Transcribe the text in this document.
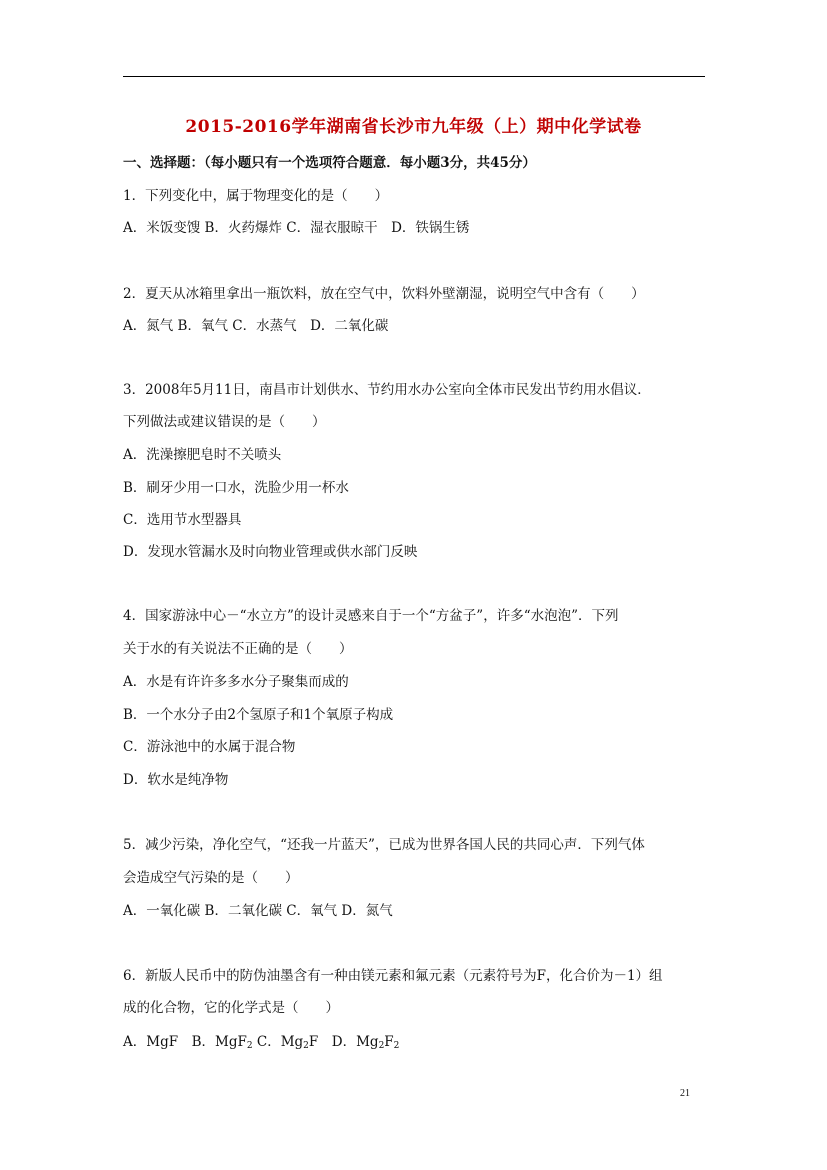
2015-2016学年湖南省长沙市九年级（上）期中化学试卷
一、选择题：（每小题只有一个选项符合题意．每小题3分，共45分）
1．下列变化中，属于物理变化的是（　　）
A．米饭变馊 B．火药爆炸 C．湿衣服晾干　D．铁锅生锈
2．夏天从冰箱里拿出一瓶饮料，放在空气中，饮料外壁潮湿，说明空气中含有（　　）
A．氮气 B．氧气 C．水蒸气　D．二氧化碳
3．2008年5月11日，南昌市计划供水、节约用水办公室向全体市民发出节约用水倡议．
下列做法或建议错误的是（　　）
A．洗澡擦肥皂时不关喷头
B．刷牙少用一口水，洗脸少用一杯水
C．选用节水型器具
D．发现水管漏水及时向物业管理或供水部门反映
4．国家游泳中心－“水立方”的设计灵感来自于一个“方盆子”，许多“水泡泡”．下列
关于水的有关说法不正确的是（　　）
A．水是有许许多多水分子聚集而成的
B．一个水分子由2个氢原子和1个氧原子构成
C．游泳池中的水属于混合物
D．软水是纯净物
5．减少污染，净化空气，“还我一片蓝天”，已成为世界各国人民的共同心声．下列气体
会造成空气污染的是（　　）
A．一氧化碳 B．二氧化碳 C．氧气 D．氮气
6．新版人民币中的防伪油墨含有一种由镁元素和氟元素（元素符号为F，化合价为－1）组
成的化合物，它的化学式是（　　）
A．MgF　B．MgF$_2$ C．$Mg_2F$　D．$Mg_2F_2$
21
